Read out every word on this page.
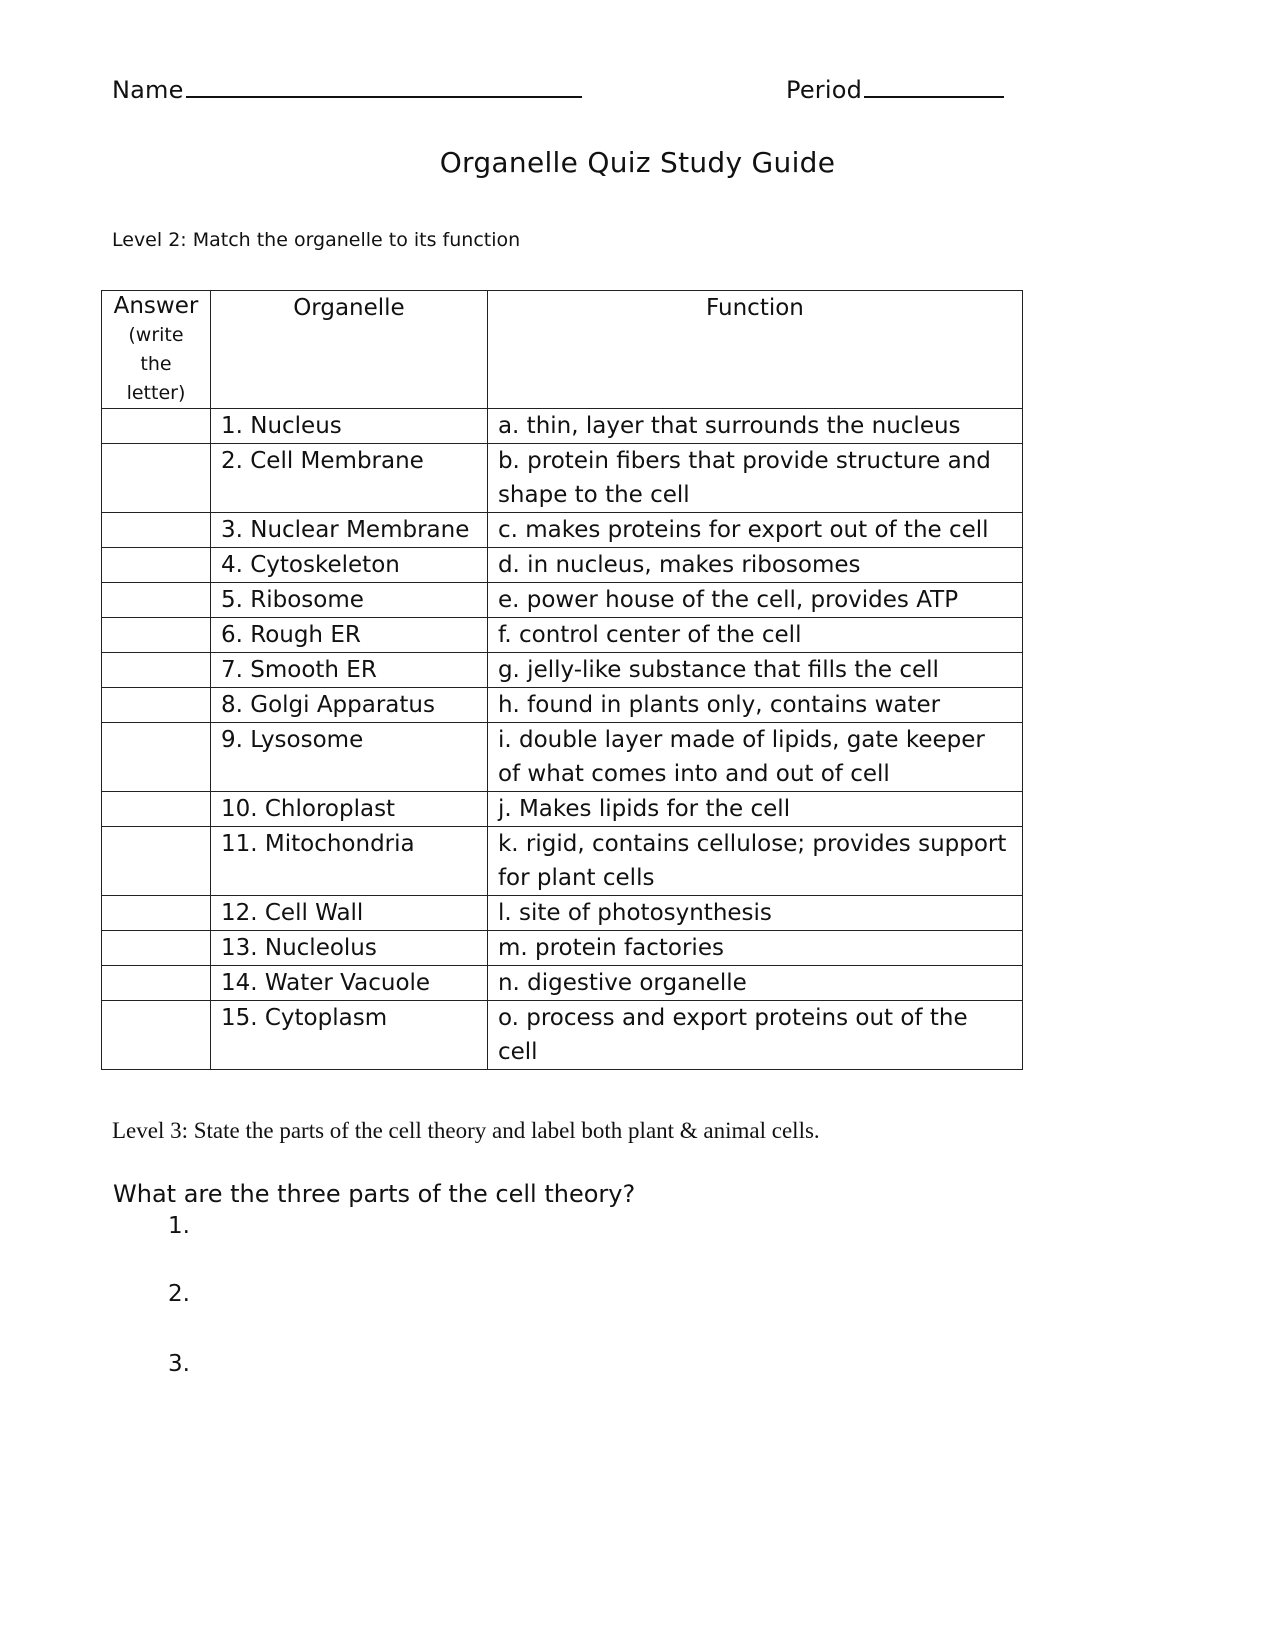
Name	Period
Organelle Quiz Study Guide
Level 2: Match the organelle to its function
Answer
(write the letter)	Organelle	Function
	1. Nucleus	a. thin, layer that surrounds the nucleus
	2. Cell Membrane	b. protein fibers that provide structure and shape to the cell
	3. Nuclear Membrane	c. makes proteins for export out of the cell
	4. Cytoskeleton	d. in nucleus, makes ribosomes
	5. Ribosome	e. power house of the cell, provides ATP
	6. Rough ER	f. control center of the cell
	7. Smooth ER	g. jelly-like substance that fills the cell
	8. Golgi Apparatus	h. found in plants only, contains water
	9. Lysosome	i. double layer made of lipids, gate keeper of what comes into and out of cell
	10. Chloroplast	j. Makes lipids for the cell
	11. Mitochondria	k. rigid, contains cellulose; provides support for plant cells
	12. Cell Wall	l. site of photosynthesis
	13. Nucleolus	m. protein factories
	14. Water Vacuole	n. digestive organelle
	15. Cytoplasm	o. process and export proteins out of the cell
Level 3: State the parts of the cell theory and label both plant & animal cells.
What are the three parts of the cell theory?
1.
2.
3.
